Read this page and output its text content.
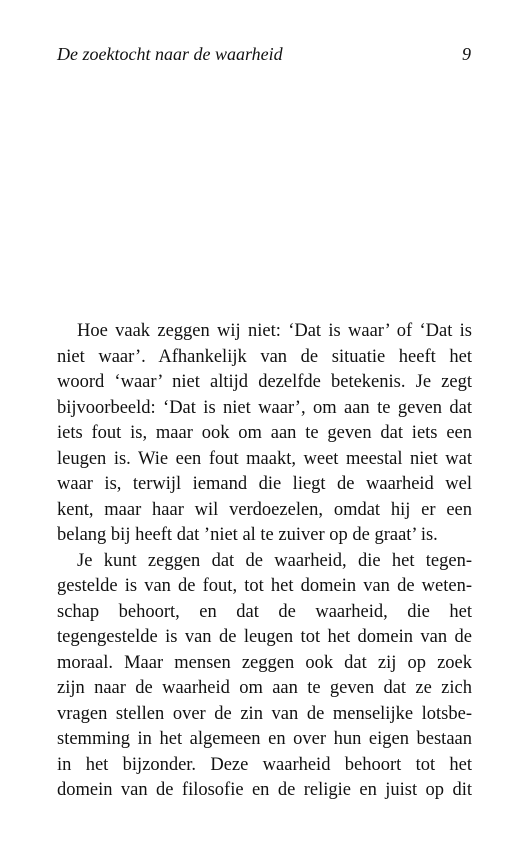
De zoektocht naar de waarheid	9
Hoe vaak zeggen wij niet: ‘Dat is waar’ of ‘Dat is
niet waar’. Afhankelijk van de situatie heeft het
woord ‘waar’ niet altijd dezelfde betekenis. Je zegt
bijvoorbeeld: ‘Dat is niet waar’, om aan te geven dat
iets fout is, maar ook om aan te geven dat iets een
leugen is. Wie een fout maakt, weet meestal niet wat
waar is, terwijl iemand die liegt de waarheid wel
kent, maar haar wil verdoezelen, omdat hij er een
belang bij heeft dat ’niet al te zuiver op de graat’ is.
Je kunt zeggen dat de waarheid, die het tegen-
gestelde is van de fout, tot het domein van de weten-
schap behoort, en dat de waarheid, die het
tegengestelde is van de leugen tot het domein van de
moraal. Maar mensen zeggen ook dat zij op zoek
zijn naar de waarheid om aan te geven dat ze zich
vragen stellen over de zin van de menselijke lotsbe-
stemming in het algemeen en over hun eigen bestaan
in het bijzonder. Deze waarheid behoort tot het
domein van de filosofie en de religie en juist op dit
